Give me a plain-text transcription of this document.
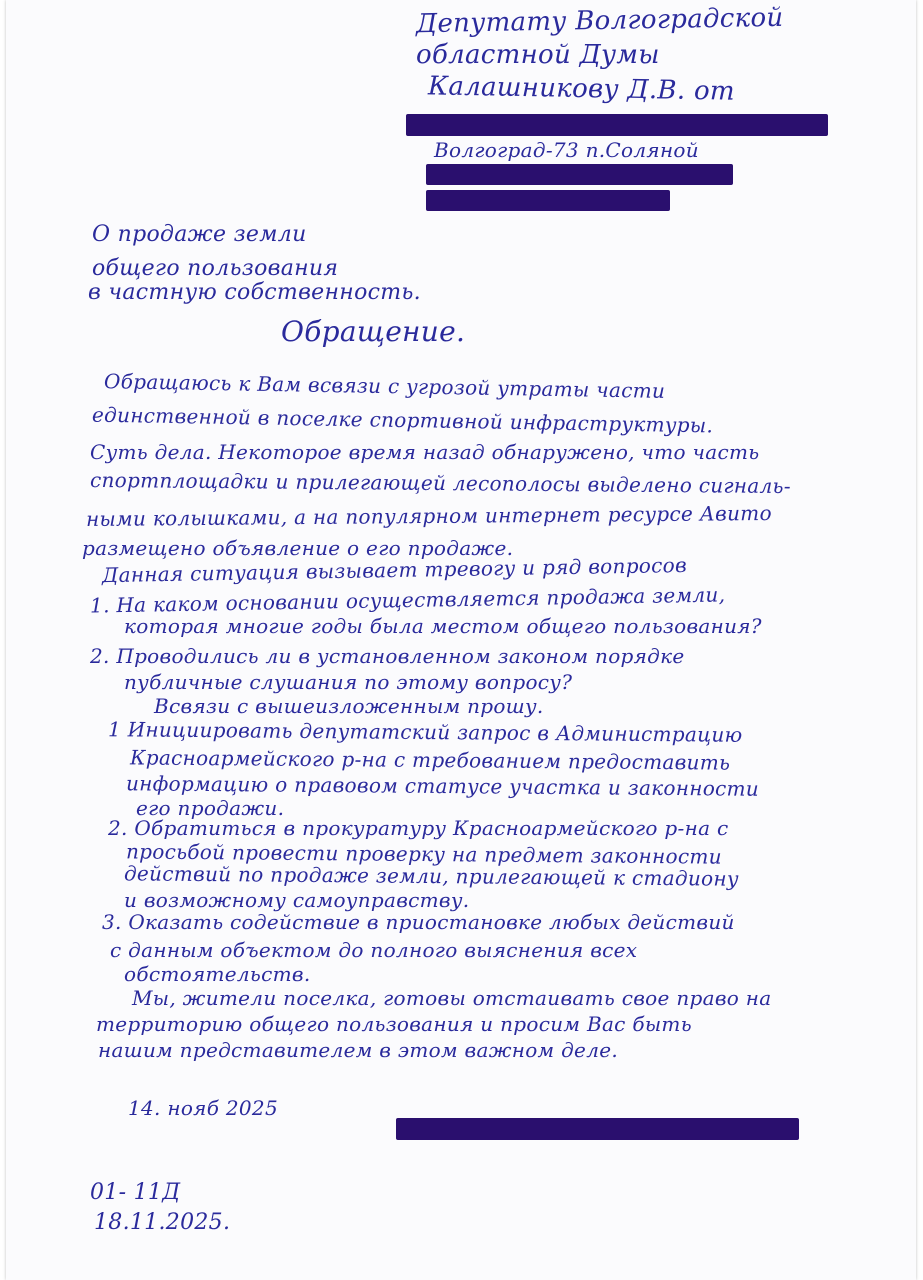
Депутату Волгоградской
областной Думы
Калашникову Д.В. от
Волгоград-73 п.Соляной
О продаже земли
общего пользования
в частную собственность.
Обращение.
Обращаюсь к Вам всвязи с угрозой утраты части
единственной в поселке спортивной инфраструктуры.
Суть дела. Некоторое время назад обнаружено, что часть
спортплощадки и прилегающей лесополосы выделено сигналь-
ными колышками, а на популярном интернет ресурсе Авито
размещено объявление о его продаже.
Данная ситуация вызывает тревогу и ряд вопросов
1. На каком основании осуществляется продажа земли,
которая многие годы была местом общего пользования?
2. Проводились ли в установленном законом порядке
публичные слушания по этому вопросу?
Всвязи с вышеизложенным прошу.
1 Инициировать депутатский запрос в Администрацию
Красноармейского р-на с требованием предоставить
информацию о правовом статусе участка и законности
его продажи.
2. Обратиться в прокуратуру Красноармейского р-на с
просьбой провести проверку на предмет законности
действий по продаже земли, прилегающей к стадиону
и возможному самоуправству.
3. Оказать содействие в приостановке любых действий
с данным объектом до полного выяснения всех
обстоятельств.
Мы, жители поселка, готовы отстаивать свое право на
территорию общего пользования и просим Вас быть
нашим представителем в этом важном деле.
14. нояб 2025
01- 11Д
18.11.2025.
